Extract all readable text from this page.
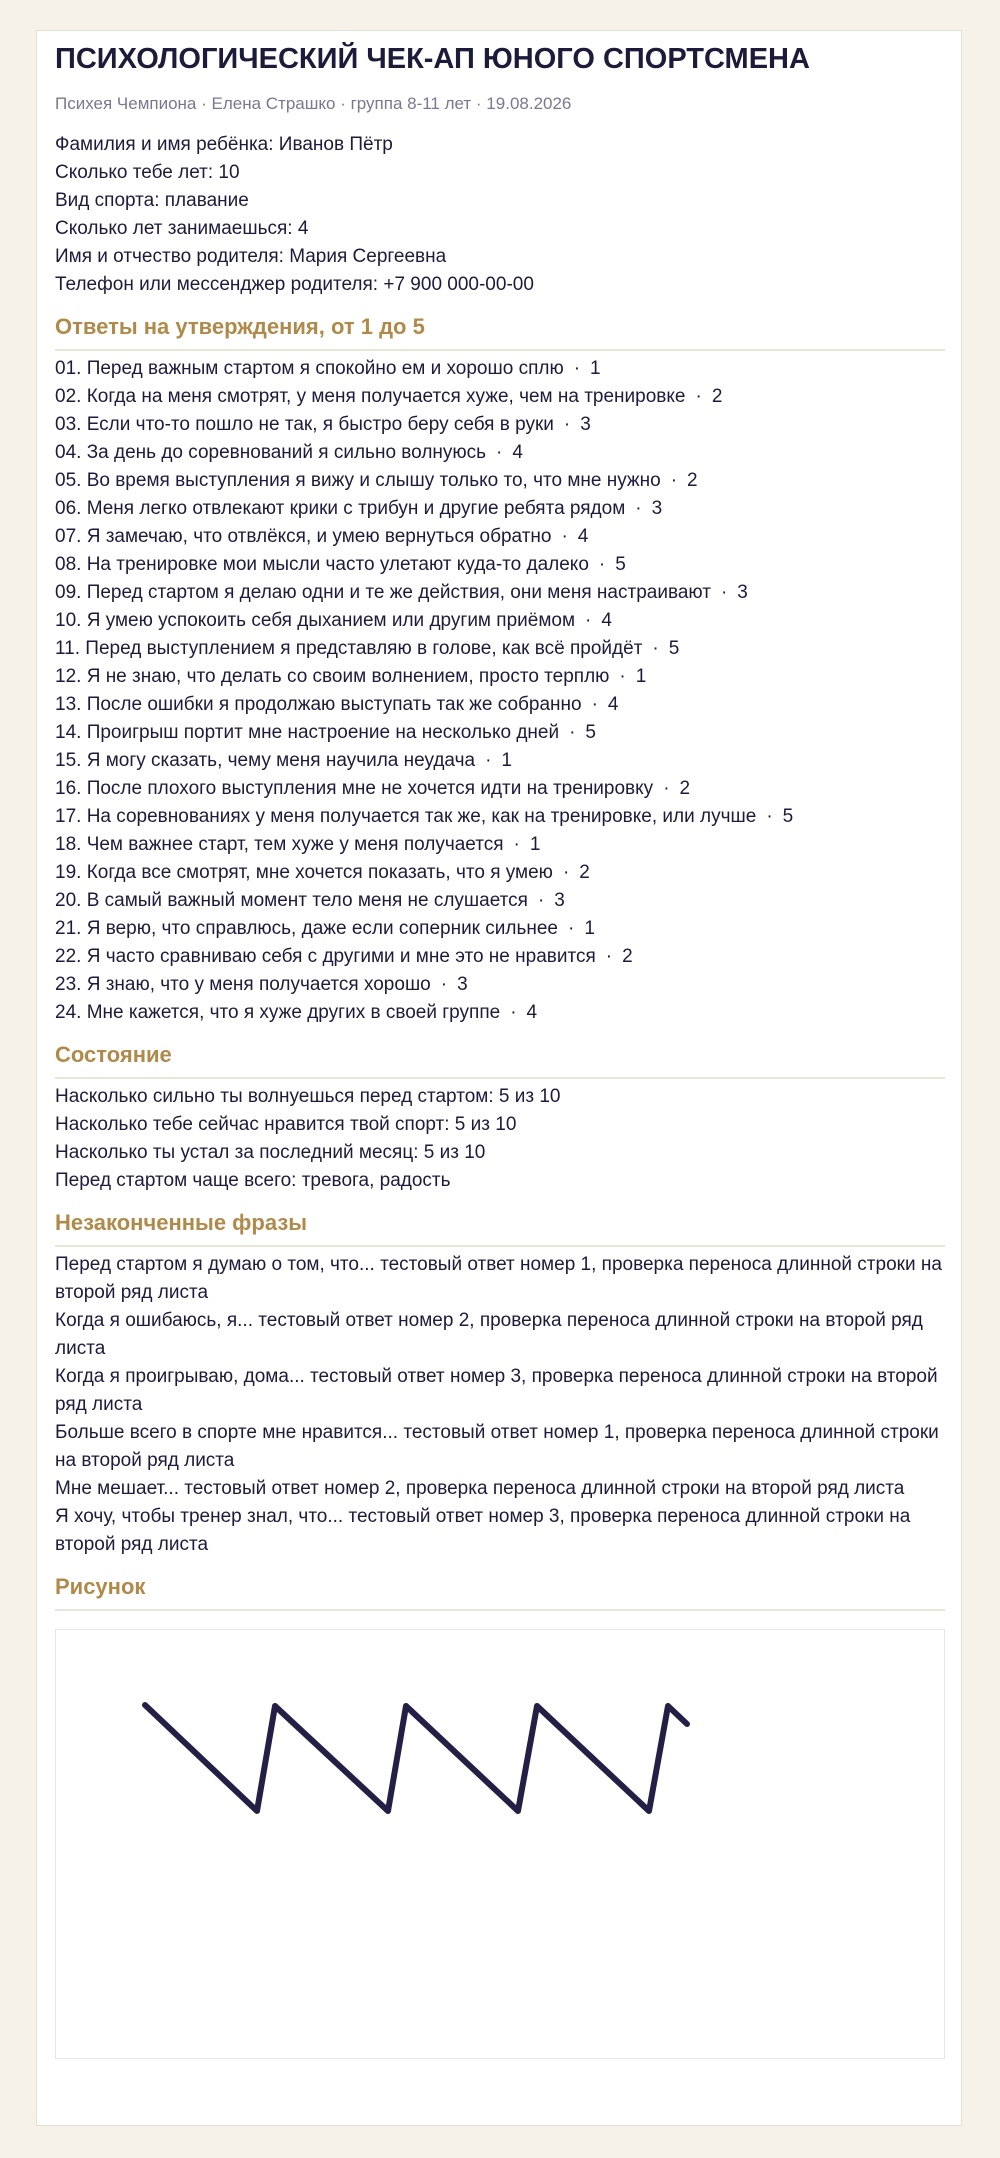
ПСИХОЛОГИЧЕСКИЙ ЧЕК-АП ЮНОГО СПОРТСМЕНА
Психея Чемпиона · Елена Страшко · группа 8-11 лет · 19.08.2026
Фамилия и имя ребёнка: Иванов Пётр
Сколько тебе лет: 10
Вид спорта: плавание
Сколько лет занимаешься: 4
Имя и отчество родителя: Мария Сергеевна
Телефон или мессенджер родителя: +7 900 000-00-00
Ответы на утверждения, от 1 до 5
01. Перед важным стартом я спокойно ем и хорошо сплю · 1
02. Когда на меня смотрят, у меня получается хуже, чем на тренировке · 2
03. Если что-то пошло не так, я быстро беру себя в руки · 3
04. За день до соревнований я сильно волнуюсь · 4
05. Во время выступления я вижу и слышу только то, что мне нужно · 2
06. Меня легко отвлекают крики с трибун и другие ребята рядом · 3
07. Я замечаю, что отвлёкся, и умею вернуться обратно · 4
08. На тренировке мои мысли часто улетают куда-то далеко · 5
09. Перед стартом я делаю одни и те же действия, они меня настраивают · 3
10. Я умею успокоить себя дыханием или другим приёмом · 4
11. Перед выступлением я представляю в голове, как всё пройдёт · 5
12. Я не знаю, что делать со своим волнением, просто терплю · 1
13. После ошибки я продолжаю выступать так же собранно · 4
14. Проигрыш портит мне настроение на несколько дней · 5
15. Я могу сказать, чему меня научила неудача · 1
16. После плохого выступления мне не хочется идти на тренировку · 2
17. На соревнованиях у меня получается так же, как на тренировке, или лучше · 5
18. Чем важнее старт, тем хуже у меня получается · 1
19. Когда все смотрят, мне хочется показать, что я умею · 2
20. В самый важный момент тело меня не слушается · 3
21. Я верю, что справлюсь, даже если соперник сильнее · 1
22. Я часто сравниваю себя с другими и мне это не нравится · 2
23. Я знаю, что у меня получается хорошо · 3
24. Мне кажется, что я хуже других в своей группе · 4
Состояние
Насколько сильно ты волнуешься перед стартом: 5 из 10
Насколько тебе сейчас нравится твой спорт: 5 из 10
Насколько ты устал за последний месяц: 5 из 10
Перед стартом чаще всего: тревога, радость
Незаконченные фразы
Перед стартом я думаю о том, что... тестовый ответ номер 1, проверка переноса длинной строки на второй ряд листа
Когда я ошибаюсь, я... тестовый ответ номер 2, проверка переноса длинной строки на второй ряд листа
Когда я проигрываю, дома... тестовый ответ номер 3, проверка переноса длинной строки на второй ряд листа
Больше всего в спорте мне нравится... тестовый ответ номер 1, проверка переноса длинной строки на второй ряд листа
Мне мешает... тестовый ответ номер 2, проверка переноса длинной строки на второй ряд листа
Я хочу, чтобы тренер знал, что... тестовый ответ номер 3, проверка переноса длинной строки на второй ряд листа
Рисунок
